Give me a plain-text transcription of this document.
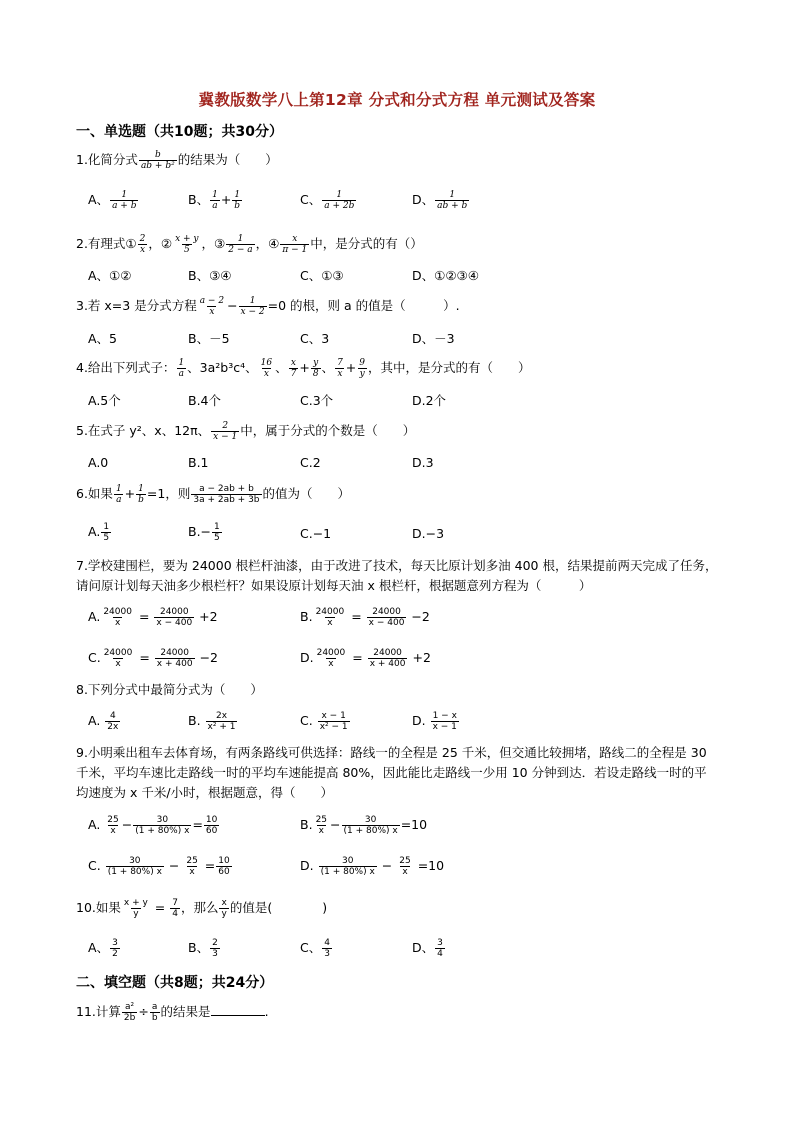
冀教版数学八上第12章 分式和分式方程 单元测试及答案
一、单选题（共10题；共30分）
1.化简分式 $\frac{b}{\text{ab + b²}}$ 的结果为（　　）
A、 $\frac{1}{a + b}$	B、 $\frac{1}{a} + \frac{1}{b}$	C、 $\frac{1}{a + 2b}$	D、 $\frac{1}{ab + b}$
2.有理式① $\frac{2}{x}$ ，② $\frac{x + y}{5}$ ，③ $\frac{1}{2 - a}$ ，④ $\frac{x}{\pi - 1}$ 中，是分式的有（）
A、①②	B、③④	C、①③	D、①②③④
3.若 x=3 是分式方程 $\frac{a - 2}{x} - \frac{1}{x - 2} =0$ 的根，则 a 的值是（　　　）.
A、5	B、－5	C、3	D、－3
4.给出下列式子： $\frac{1}{a}$ 、3a²b³c⁴、 $\frac{16}{x}$ 、 $\frac{x}{7} + \frac{y}{8}$ 、 $\frac{7}{x} + \frac{9}{y}$ ，其中，是分式的有（　　）
A.5个	B.4个	C.3个	D.2个
5.在式子 y²、x、12π、 $\frac{2}{x - 1}$ 中，属于分式的个数是（　　）
A.0	B.1	C.2	D.3
6.如果 $\frac{1}{a} + \frac{1}{b} =1$，则 $\frac{a - 2ab + b}{3a + 2ab + 3b}$ 的值为（　　）
A. $\frac{1}{5}$	$B.- \frac{1}{5}$	C.−1	D.−3
7.学校建围栏，要为 24000 根栏杆油漆，由于改进了技术，每天比原计划多油 400 根，结果提前两天完成了任务，请问原计划每天油多少根栏杆？如果设原计划每天油 x 根栏杆，根据题意列方程为（　　　）
A. $\frac{24000}{x} = \frac{24000}{x - 400} +2$	B. $\frac{24000}{x} = \frac{24000}{x - 400} -2$
C. $\frac{24000}{x} = \frac{24000}{x + 400} -2$	D. $\frac{24000}{x} = \frac{24000}{x + 400} +2$
8.下列分式中最简分式为（　　）
A. $\frac{4}{2x}$	B. $\frac{2x}{\text{x² + 1}}$	C. $\frac{x - 1}{\text{x² − 1}}$	D. $\frac{1 - x}{x - 1}$
9.小明乘出租车去体育场，有两条路线可供选择：路线一的全程是 25 千米，但交通比较拥堵，路线二的全程是 30 千米，平均车速比走路线一时的平均车速能提高 80%，因此能比走路线一少用 10 分钟到达．若设走路线一时的平均速度为 x 千米/小时，根据题意，得（　　）
A. $\frac{25}{x} - \frac{30}{(1 + 80\%) x} = \frac{10}{60}$	B. $\frac{25}{x} - \frac{30}{(1 + 80\%) x} =10$
C. $\frac{30}{(1 + 80\%) x} - \frac{25}{x} = \frac{10}{60}$	D. $\frac{30}{(1 + 80\%) x} - \frac{25}{x} =10$
10.如果 $\frac{x + y}{y} = \frac{7}{4}$ ，那么 $\frac{x}{y}$ 的值是(　　　　)
A、 $\frac{3}{2}$	B、 $\frac{2}{3}$	C、 $\frac{4}{3}$	D、 $\frac{3}{4}$
二、填空题（共8题；共24分）
11.计算 $\frac{\text{a²}}{2b} \div \frac{a}{b}$ 的结果是	.
